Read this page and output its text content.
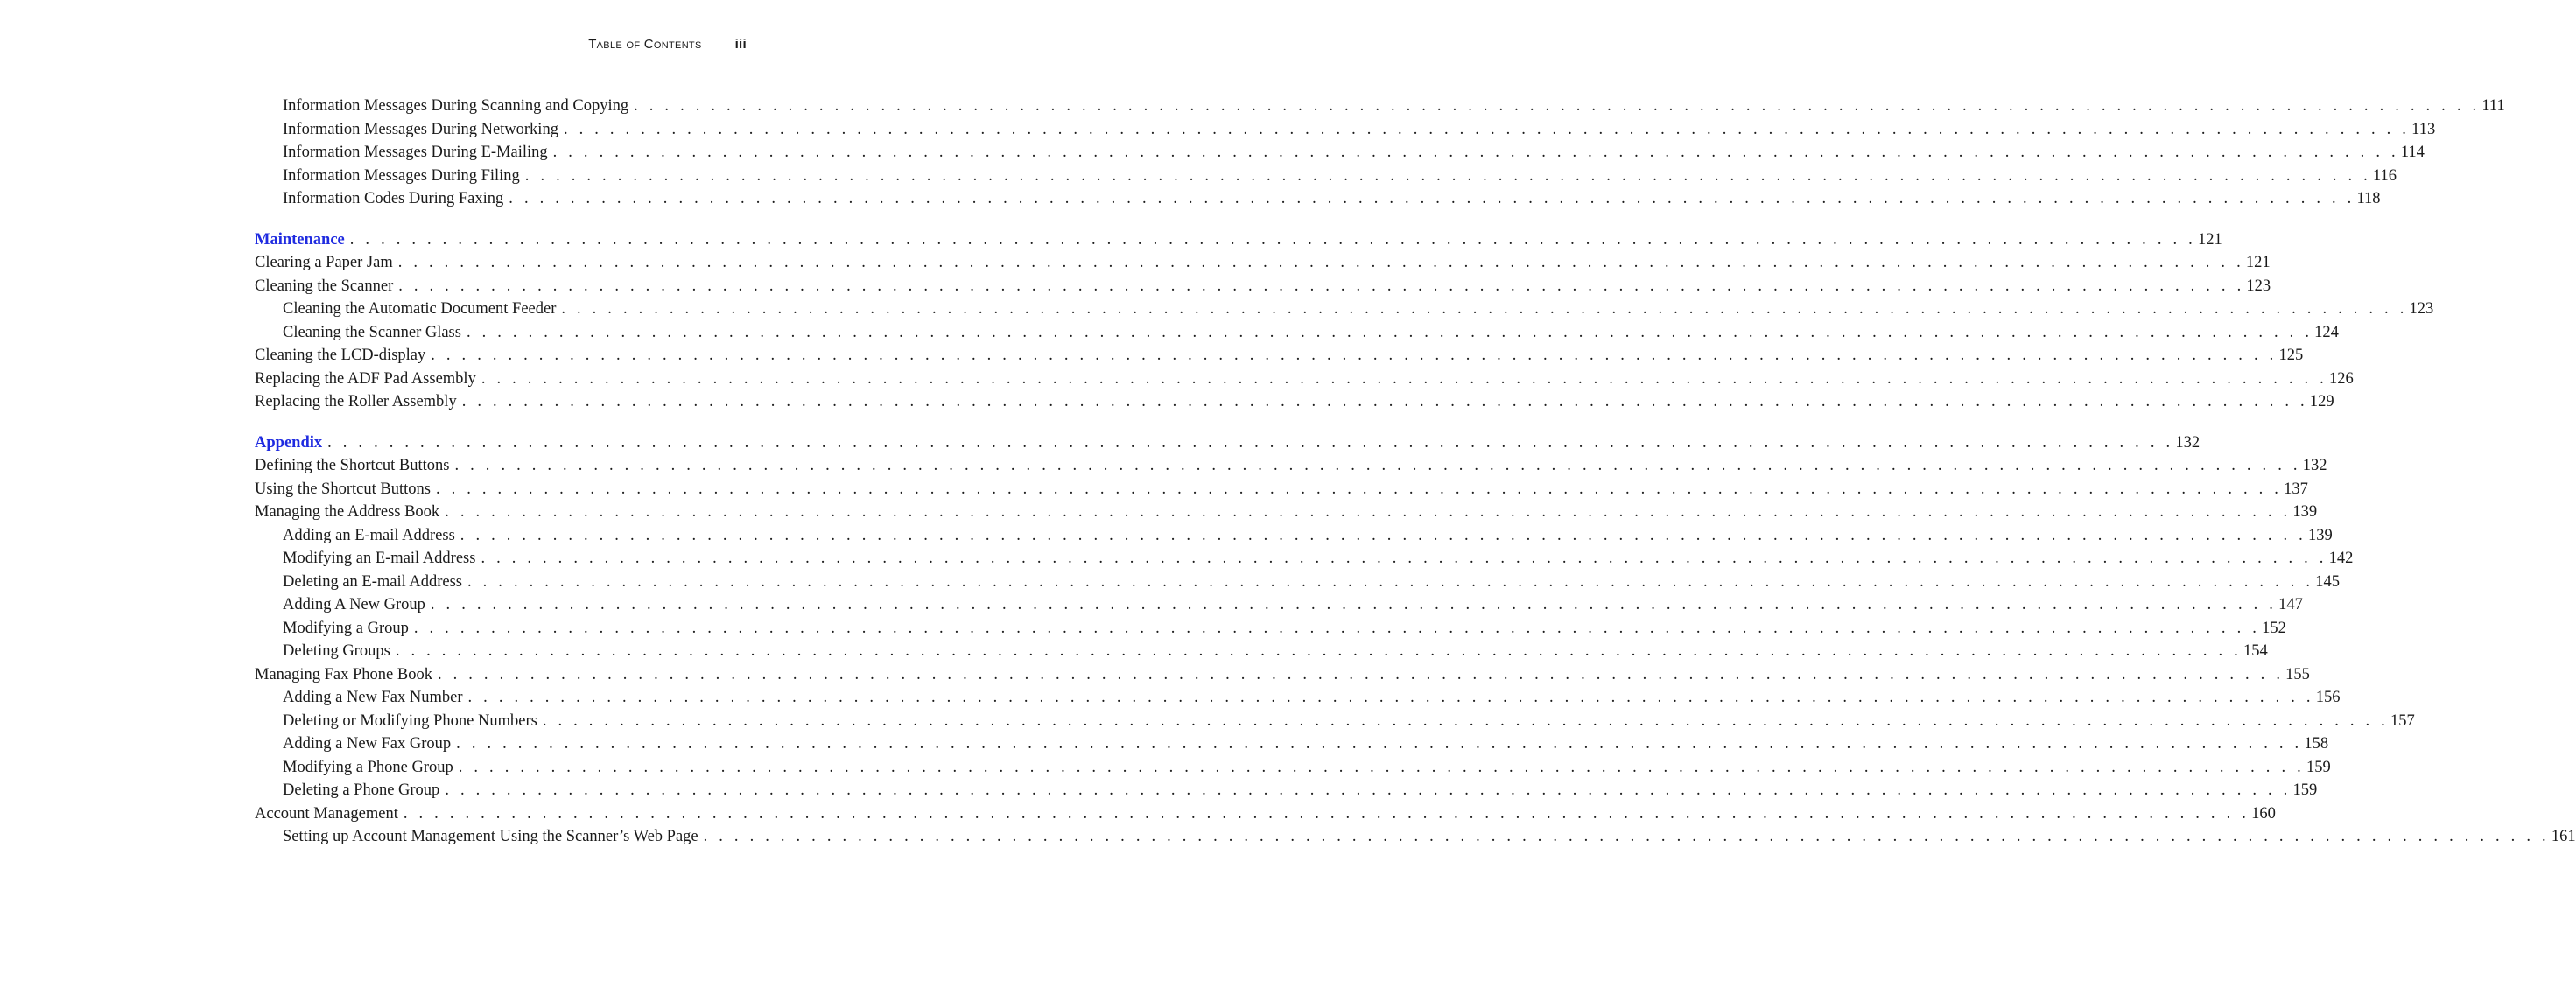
Table of Contents	iii
Information Messages During Scanning and Copying . . . . . . . . . . . . . . . . . . . . . . . . . . . . . . . . . . . . . . . . . . . . . . . . . . . . . . . . . . . . . . . . . . . . . . . . . . . . . . . . . . . . . . . . . . . . . . . . . . . . . . . . . . . . . . . . . . . . . . . . 111
Information Messages During Networking . . . . . . . . . . . . . . . . . . . . . . . . . . . . . . . . . . . . . . . . . . . . . . . . . . . . . . . . . . . . . . . . . . . . . . . . . . . . . . . . . . . . . . . . . . . . . . . . . . . . . . . . . . . . . . . . . . . . . . . . 113
Information Messages During E-Mailing . . . . . . . . . . . . . . . . . . . . . . . . . . . . . . . . . . . . . . . . . . . . . . . . . . . . . . . . . . . . . . . . . . . . . . . . . . . . . . . . . . . . . . . . . . . . . . . . . . . . . . . . . . . . . . . . . . . . . . . . 114
Information Messages During Filing . . . . . . . . . . . . . . . . . . . . . . . . . . . . . . . . . . . . . . . . . . . . . . . . . . . . . . . . . . . . . . . . . . . . . . . . . . . . . . . . . . . . . . . . . . . . . . . . . . . . . . . . . . . . . . . . . . . . . . . . 116
Information Codes During Faxing . . . . . . . . . . . . . . . . . . . . . . . . . . . . . . . . . . . . . . . . . . . . . . . . . . . . . . . . . . . . . . . . . . . . . . . . . . . . . . . . . . . . . . . . . . . . . . . . . . . . . . . . . . . . . . . . . . . . . . . . 118
Maintenance . . . . . . . . . . . . . . . . . . . . . . . . . . . . . . . . . . . . . . . . . . . . . . . . . . . . . . . . . . . . . . . . . . . . . . . . . . . . . . . . . . . . . . . . . . . . . . . . . . . . . . . . . . . . . . . . . . . . . . . . 121
Clearing a Paper Jam . . . . . . . . . . . . . . . . . . . . . . . . . . . . . . . . . . . . . . . . . . . . . . . . . . . . . . . . . . . . . . . . . . . . . . . . . . . . . . . . . . . . . . . . . . . . . . . . . . . . . . . . . . . . . . . . . . . . . . . . 121
Cleaning the Scanner . . . . . . . . . . . . . . . . . . . . . . . . . . . . . . . . . . . . . . . . . . . . . . . . . . . . . . . . . . . . . . . . . . . . . . . . . . . . . . . . . . . . . . . . . . . . . . . . . . . . . . . . . . . . . . . . . . . . . . . . 123
Cleaning the Automatic Document Feeder . . . . . . . . . . . . . . . . . . . . . . . . . . . . . . . . . . . . . . . . . . . . . . . . . . . . . . . . . . . . . . . . . . . . . . . . . . . . . . . . . . . . . . . . . . . . . . . . . . . . . . . . . . . . . . . . . . . . . . . . 123
Cleaning the Scanner Glass . . . . . . . . . . . . . . . . . . . . . . . . . . . . . . . . . . . . . . . . . . . . . . . . . . . . . . . . . . . . . . . . . . . . . . . . . . . . . . . . . . . . . . . . . . . . . . . . . . . . . . . . . . . . . . . . . . . . . . . . 124
Cleaning the LCD-display . . . . . . . . . . . . . . . . . . . . . . . . . . . . . . . . . . . . . . . . . . . . . . . . . . . . . . . . . . . . . . . . . . . . . . . . . . . . . . . . . . . . . . . . . . . . . . . . . . . . . . . . . . . . . . . . . . . . . . . . 125
Replacing the ADF Pad Assembly . . . . . . . . . . . . . . . . . . . . . . . . . . . . . . . . . . . . . . . . . . . . . . . . . . . . . . . . . . . . . . . . . . . . . . . . . . . . . . . . . . . . . . . . . . . . . . . . . . . . . . . . . . . . . . . . . . . . . . . . 126
Replacing the Roller Assembly . . . . . . . . . . . . . . . . . . . . . . . . . . . . . . . . . . . . . . . . . . . . . . . . . . . . . . . . . . . . . . . . . . . . . . . . . . . . . . . . . . . . . . . . . . . . . . . . . . . . . . . . . . . . . . . . . . . . . . . . 129
Appendix . . . . . . . . . . . . . . . . . . . . . . . . . . . . . . . . . . . . . . . . . . . . . . . . . . . . . . . . . . . . . . . . . . . . . . . . . . . . . . . . . . . . . . . . . . . . . . . . . . . . . . . . . . . . . . . . . . . . . . . . 132
Defining the Shortcut Buttons . . . . . . . . . . . . . . . . . . . . . . . . . . . . . . . . . . . . . . . . . . . . . . . . . . . . . . . . . . . . . . . . . . . . . . . . . . . . . . . . . . . . . . . . . . . . . . . . . . . . . . . . . . . . . . . . . . . . . . . . 132
Using the Shortcut Buttons . . . . . . . . . . . . . . . . . . . . . . . . . . . . . . . . . . . . . . . . . . . . . . . . . . . . . . . . . . . . . . . . . . . . . . . . . . . . . . . . . . . . . . . . . . . . . . . . . . . . . . . . . . . . . . . . . . . . . . . . 137
Managing the Address Book . . . . . . . . . . . . . . . . . . . . . . . . . . . . . . . . . . . . . . . . . . . . . . . . . . . . . . . . . . . . . . . . . . . . . . . . . . . . . . . . . . . . . . . . . . . . . . . . . . . . . . . . . . . . . . . . . . . . . . . . 139
Adding an E-mail Address . . . . . . . . . . . . . . . . . . . . . . . . . . . . . . . . . . . . . . . . . . . . . . . . . . . . . . . . . . . . . . . . . . . . . . . . . . . . . . . . . . . . . . . . . . . . . . . . . . . . . . . . . . . . . . . . . . . . . . . . 139
Modifying an E-mail Address . . . . . . . . . . . . . . . . . . . . . . . . . . . . . . . . . . . . . . . . . . . . . . . . . . . . . . . . . . . . . . . . . . . . . . . . . . . . . . . . . . . . . . . . . . . . . . . . . . . . . . . . . . . . . . . . . . . . . . . . 142
Deleting an E-mail Address . . . . . . . . . . . . . . . . . . . . . . . . . . . . . . . . . . . . . . . . . . . . . . . . . . . . . . . . . . . . . . . . . . . . . . . . . . . . . . . . . . . . . . . . . . . . . . . . . . . . . . . . . . . . . . . . . . . . . . . . 145
Adding A New Group . . . . . . . . . . . . . . . . . . . . . . . . . . . . . . . . . . . . . . . . . . . . . . . . . . . . . . . . . . . . . . . . . . . . . . . . . . . . . . . . . . . . . . . . . . . . . . . . . . . . . . . . . . . . . . . . . . . . . . . . 147
Modifying a Group . . . . . . . . . . . . . . . . . . . . . . . . . . . . . . . . . . . . . . . . . . . . . . . . . . . . . . . . . . . . . . . . . . . . . . . . . . . . . . . . . . . . . . . . . . . . . . . . . . . . . . . . . . . . . . . . . . . . . . . . 152
Deleting Groups . . . . . . . . . . . . . . . . . . . . . . . . . . . . . . . . . . . . . . . . . . . . . . . . . . . . . . . . . . . . . . . . . . . . . . . . . . . . . . . . . . . . . . . . . . . . . . . . . . . . . . . . . . . . . . . . . . . . . . . . 154
Managing Fax Phone Book . . . . . . . . . . . . . . . . . . . . . . . . . . . . . . . . . . . . . . . . . . . . . . . . . . . . . . . . . . . . . . . . . . . . . . . . . . . . . . . . . . . . . . . . . . . . . . . . . . . . . . . . . . . . . . . . . . . . . . . . 155
Adding a New Fax Number . . . . . . . . . . . . . . . . . . . . . . . . . . . . . . . . . . . . . . . . . . . . . . . . . . . . . . . . . . . . . . . . . . . . . . . . . . . . . . . . . . . . . . . . . . . . . . . . . . . . . . . . . . . . . . . . . . . . . . . . 156
Deleting or Modifying Phone Numbers . . . . . . . . . . . . . . . . . . . . . . . . . . . . . . . . . . . . . . . . . . . . . . . . . . . . . . . . . . . . . . . . . . . . . . . . . . . . . . . . . . . . . . . . . . . . . . . . . . . . . . . . . . . . . . . . . . . . . . . . 157
Adding a New Fax Group . . . . . . . . . . . . . . . . . . . . . . . . . . . . . . . . . . . . . . . . . . . . . . . . . . . . . . . . . . . . . . . . . . . . . . . . . . . . . . . . . . . . . . . . . . . . . . . . . . . . . . . . . . . . . . . . . . . . . . . . 158
Modifying a Phone Group . . . . . . . . . . . . . . . . . . . . . . . . . . . . . . . . . . . . . . . . . . . . . . . . . . . . . . . . . . . . . . . . . . . . . . . . . . . . . . . . . . . . . . . . . . . . . . . . . . . . . . . . . . . . . . . . . . . . . . . . 159
Deleting a Phone Group . . . . . . . . . . . . . . . . . . . . . . . . . . . . . . . . . . . . . . . . . . . . . . . . . . . . . . . . . . . . . . . . . . . . . . . . . . . . . . . . . . . . . . . . . . . . . . . . . . . . . . . . . . . . . . . . . . . . . . . . 159
Account Management . . . . . . . . . . . . . . . . . . . . . . . . . . . . . . . . . . . . . . . . . . . . . . . . . . . . . . . . . . . . . . . . . . . . . . . . . . . . . . . . . . . . . . . . . . . . . . . . . . . . . . . . . . . . . . . . . . . . . . . . 160
Setting up Account Management Using the Scanner’s Web Page . . . . . . . . . . . . . . . . . . . . . . . . . . . . . . . . . . . . . . . . . . . . . . . . . . . . . . . . . . . . . . . . . . . . . . . . . . . . . . . . . . . . . . . . . . . . . . . . . . . . . . . . . . . . . . . . . . . . . . . . 161
